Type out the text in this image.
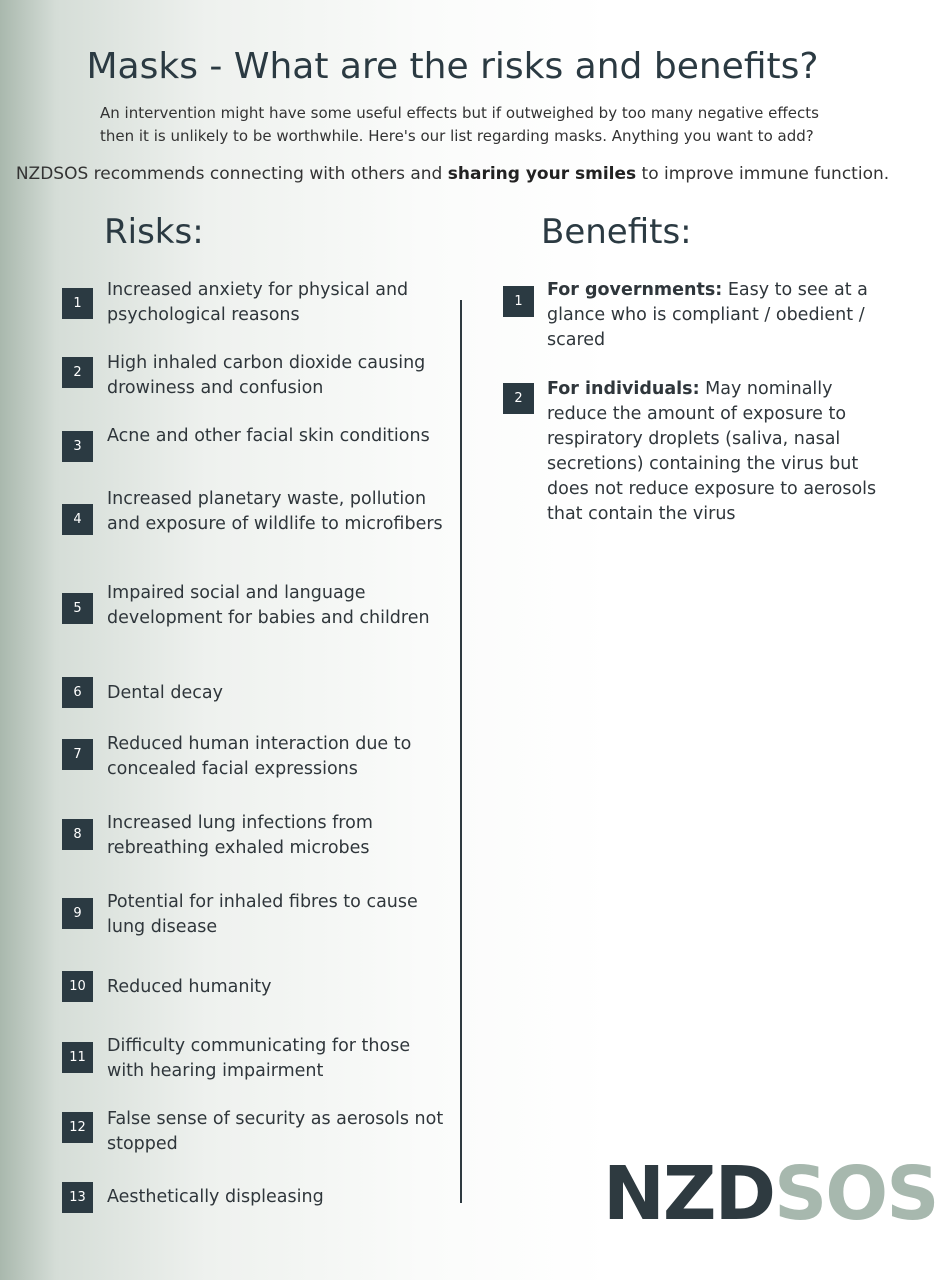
Masks - What are the risks and benefits?

An intervention might have some useful effects but if outweighed by too many negative effects then it is unlikely to be worthwhile. Here's our list regarding masks. Anything you want to add?

NZDSOS recommends connecting with others and sharing your smiles to improve immune function.

Risks:	Benefits:
1
Increased anxiety for physical and psychological reasons
2	High inhaled carbon dioxide causing drowiness and confusion
3
Acne and other facial skin conditions
4
Increased planetary waste, pollution and exposure of wildlife to microfibers
5
Impaired social and language development for babies and children
6	Dental decay
7
Reduced human interaction due to concealed facial expressions
8
Increased lung infections from rebreathing exhaled microbes
9
Potential for inhaled fibres to cause lung disease
10	Reduced humanity
11
Difficulty communicating for those with hearing impairment
12	False sense of security as aerosols not stopped
13	Aesthetically displeasing
1
For governments: Easy to see at a glance who is compliant / obedient / scared
2	For individuals: May nominally reduce the amount of exposure to respiratory droplets (saliva, nasal secretions) containing the virus but does not reduce exposure to aerosols that contain the virus
NZD SOS
